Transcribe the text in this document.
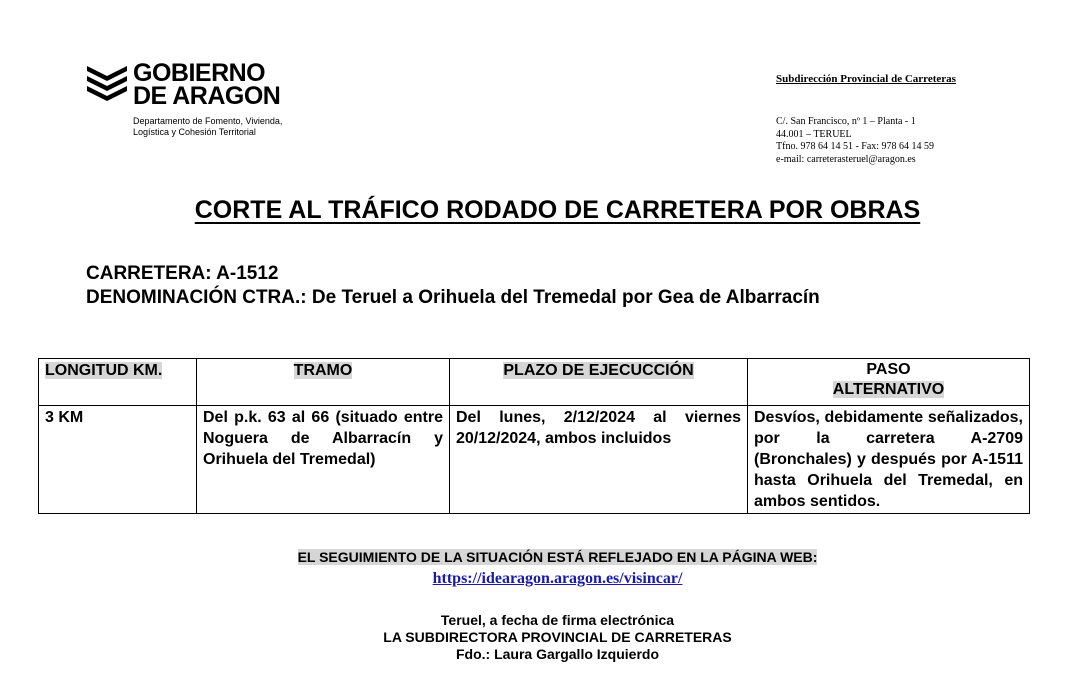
GOBIERNO
DE ARAGON
Departamento de Fomento, Vivienda,
Logística y Cohesión Territorial
Subdirección Provincial de Carreteras
C/. San Francisco, nº 1 – Planta - 1
44.001 – TERUEL
Tfno. 978 64 14 51 - Fax: 978 64 14 59
e-mail: carreterasteruel@aragon.es
CORTE AL TRÁFICO RODADO DE CARRETERA POR OBRAS
CARRETERA: A-1512
DENOMINACIÓN CTRA.: De Teruel a Orihuela del Tremedal por Gea de Albarracín
LONGITUD KM.	TRAMO	PLAZO DE EJECUCCIÓN	PASO
ALTERNATIVO

3 KM	Del p.k. 63 al 66 (situado entre Noguera de Albarracín y Orihuela del Tremedal)	Del lunes, 2/12/2024 al viernes 20/12/2024, ambos incluidos	Desvíos, debidamente señalizados, por la carretera A-2709 (Bronchales) y después por A-1511 hasta Orihuela del Tremedal, en ambos sentidos.
EL SEGUIMIENTO DE LA SITUACIÓN ESTÁ REFLEJADO EN LA PÁGINA WEB:
https://idearagon.aragon.es/visincar/
Teruel, a fecha de firma electrónica
LA SUBDIRECTORA PROVINCIAL DE CARRETERAS
Fdo.: Laura Gargallo Izquierdo
